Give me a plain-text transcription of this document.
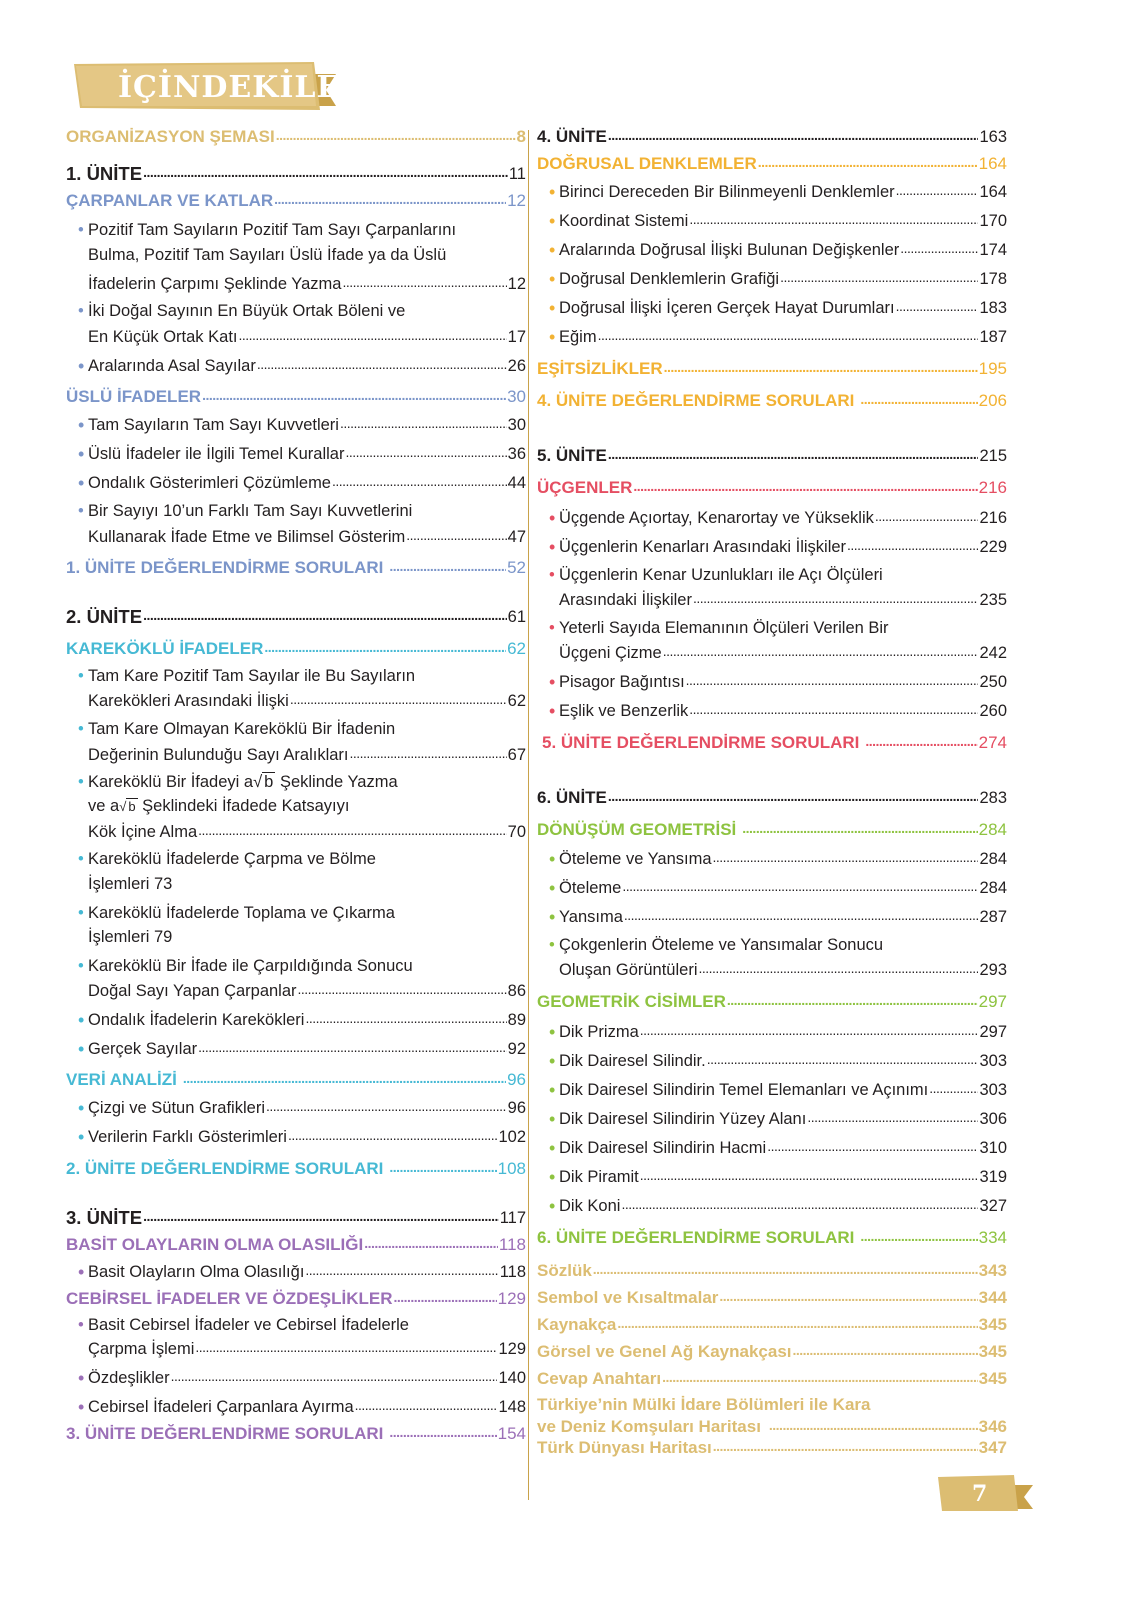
İÇİNDEKİLER
ORGANİZASYON ŞEMASI . . .	8
1. ÜNİTE . . .	11
ÇARPANLAR VE KATLAR . . .	12
• Pozitif Tam Sayıların Pozitif Tam Sayı Çarpanlarını
Bulma, Pozitif Tam Sayıları Üslü İfade ya da Üslü
İfadelerin Çarpımı Şeklinde Yazma . . .	12
• İki Doğal Sayının En Büyük Ortak Böleni ve
En Küçük Ortak Katı . . .	17
• Aralarında Asal Sayılar . . .	26
ÜSLÜ İFADELER . . .	30
• Tam Sayıların Tam Sayı Kuvvetleri . . .	30
• Üslü İfadeler ile İlgili Temel Kurallar . . .	36
• Ondalık Gösterimleri Çözümleme . . .	44
• Bir Sayıyı 10’un Farklı Tam Sayı Kuvvetlerini
Kullanarak İfade Etme ve Bilimsel Gösterim . . .	47
1. ÜNİTE DEĞERLENDİRME SORULARI . . .	52
2. ÜNİTE . . .	61
KAREKÖKLÜ İFADELER . . .	62
• Tam Kare Pozitif Tam Sayılar ile Bu Sayıların
Karekökleri Arasındaki İlişki . . .	62
• Tam Kare Olmayan Kareköklü Bir İfadenin
Değerinin Bulunduğu Sayı Aralıkları . . .	67
• Kareköklü Bir İfadeyi a√ b Şeklinde Yazma
ve a√ b Şeklindeki İfadede Katsayıyı
Kök İçine Alma . . .	70
• Kareköklü İfadelerde Çarpma ve Bölme
İşlemleri 73
• Kareköklü İfadelerde Toplama ve Çıkarma
İşlemleri 79
• Kareköklü Bir İfade ile Çarpıldığında Sonucu
Doğal Sayı Yapan Çarpanlar . . .	86
• Ondalık İfadelerin Karekökleri . . .	89
• Gerçek Sayılar . . .	92
VERİ ANALİZİ . . .	96
• Çizgi ve Sütun Grafikleri . . .	96
• Verilerin Farklı Gösterimleri . . .	102
2. ÜNİTE DEĞERLENDİRME SORULARI . . .	108
3. ÜNİTE . . .	117
BASİT OLAYLARIN OLMA OLASILIĞI . . .	118
• Basit Olayların Olma Olasılığı . . .	118
CEBİRSEL İFADELER VE ÖZDEŞLİKLER . . .	129
• Basit Cebirsel İfadeler ve Cebirsel İfadelerle
Çarpma İşlemi . . .	129
• Özdeşlikler . . .	140
• Cebirsel İfadeleri Çarpanlara Ayırma . . .	148
3. ÜNİTE DEĞERLENDİRME SORULARI . . .	154
4. ÜNİTE . . .	163
DOĞRUSAL DENKLEMLER . . .	164
• Birinci Dereceden Bir Bilinmeyenli Denklemler . . .	164
• Koordinat Sistemi . . .	170
• Aralarında Doğrusal İlişki Bulunan Değişkenler . . .	174
• Doğrusal Denklemlerin Grafiği . . .	178
• Doğrusal İlişki İçeren Gerçek Hayat Durumları . . .	183
• Eğim . . .	187
EŞİTSİZLİKLER . . .	195
4. ÜNİTE DEĞERLENDİRME SORULARI . . .	206
5. ÜNİTE . . .	215
ÜÇGENLER . . .	216
• Üçgende Açıortay, Kenarortay ve Yükseklik . . .	216
• Üçgenlerin Kenarları Arasındaki İlişkiler . . .	229
• Üçgenlerin Kenar Uzunlukları ile Açı Ölçüleri
Arasındaki İlişkiler . . .	235
• Yeterli Sayıda Elemanının Ölçüleri Verilen Bir
Üçgeni Çizme . . .	242
• Pisagor Bağıntısı . . .	250
• Eşlik ve Benzerlik . . .	260
5. ÜNİTE DEĞERLENDİRME SORULARI . . .	274
6. ÜNİTE . . .	283
DÖNÜŞÜM GEOMETRİSİ . . .	284
• Öteleme ve Yansıma . . .	284
• Öteleme . . .	284
• Yansıma . . .	287
• Çokgenlerin Öteleme ve Yansımalar Sonucu
Oluşan Görüntüleri . . .	293
GEOMETRİK CİSİMLER . . .	297
• Dik Prizma . . .	297
• Dik Dairesel Silindir. . . .	303
• Dik Dairesel Silindirin Temel Elemanları ve Açınımı . . .	303
• Dik Dairesel Silindirin Yüzey Alanı . . .	306
• Dik Dairesel Silindirin Hacmi . . .	310
• Dik Piramit . . .	319
• Dik Koni . . .	327
6. ÜNİTE DEĞERLENDİRME SORULARI . . .	334
Sözlük . . .	343
Sembol ve Kısaltmalar . . .	344
Kaynakça . . .	345
Görsel ve Genel Ağ Kaynakçası . . .	345
Cevap Anahtarı . . .	345
Türkiye’nin Mülki İdare Bölümleri ile Kara
ve Deniz Komşuları Haritası . . .	346
Türk Dünyası Haritası . . .	347
7
